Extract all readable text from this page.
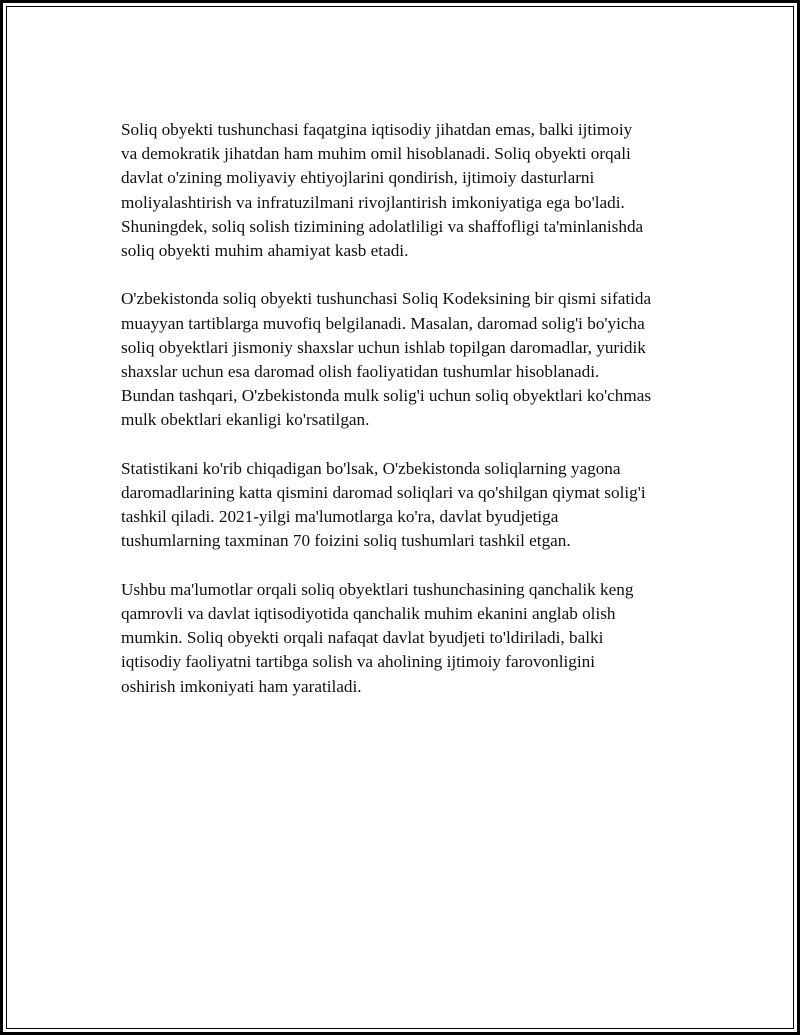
Soliq obyekti tushunchasi faqatgina iqtisodiy jihatdan emas, balki ijtimoiy
va demokratik jihatdan ham muhim omil hisoblanadi. Soliq obyekti orqali
davlat o'zining moliyaviy ehtiyojlarini qondirish, ijtimoiy dasturlarni
moliyalashtirish va infratuzilmani rivojlantirish imkoniyatiga ega bo'ladi.
Shuningdek, soliq solish tizimining adolatliligi va shaffofligi ta'minlanishda
soliq obyekti muhim ahamiyat kasb etadi.

O'zbekistonda soliq obyekti tushunchasi Soliq Kodeksining bir qismi sifatida
muayyan tartiblarga muvofiq belgilanadi. Masalan, daromad solig'i bo'yicha
soliq obyektlari jismoniy shaxslar uchun ishlab topilgan daromadlar, yuridik
shaxslar uchun esa daromad olish faoliyatidan tushumlar hisoblanadi.
Bundan tashqari, O'zbekistonda mulk solig'i uchun soliq obyektlari ko'chmas
mulk obektlari ekanligi ko'rsatilgan.

Statistikani ko'rib chiqadigan bo'lsak, O'zbekistonda soliqlarning yagona
daromadlarining katta qismini daromad soliqlari va qo'shilgan qiymat solig'i
tashkil qiladi. 2021-yilgi ma'lumotlarga ko'ra, davlat byudjetiga
tushumlarning taxminan 70 foizini soliq tushumlari tashkil etgan.

Ushbu ma'lumotlar orqali soliq obyektlari tushunchasining qanchalik keng
qamrovli va davlat iqtisodiyotida qanchalik muhim ekanini anglab olish
mumkin. Soliq obyekti orqali nafaqat davlat byudjeti to'ldiriladi, balki
iqtisodiy faoliyatni tartibga solish va aholining ijtimoiy farovonligini
oshirish imkoniyati ham yaratiladi.
